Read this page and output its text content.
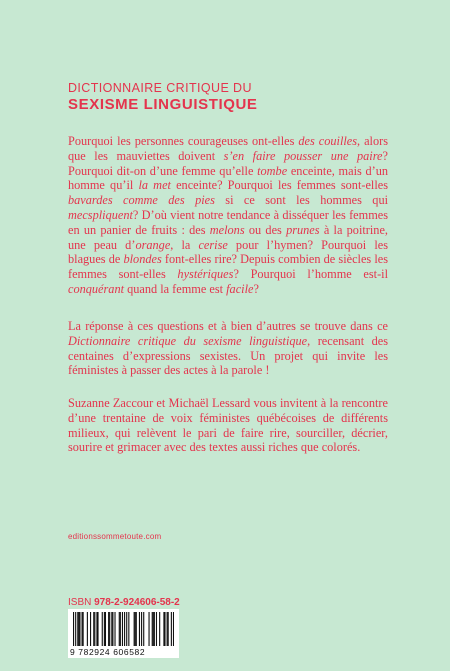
DICTIONNAIRE CRITIQUE DU
SEXISME LINGUISTIQUE

Pourquoi les personnes courageuses ont-elles des couilles, alors que les mauviettes doivent s’en faire pousser une paire? Pourquoi dit-on d’une femme qu’elle tombe enceinte, mais d’un homme qu’il la met enceinte? Pourquoi les femmes sont-elles bavardes comme des pies si ce sont les hommes qui mecspliquent? D’où vient notre tendance à disséquer les femmes en un panier de fruits : des melons ou des prunes à la poitrine, une peau d’orange, la cerise pour l’hymen? Pourquoi les blagues de blondes font-elles rire? Depuis combien de siècles les femmes sont-elles hystériques? Pourquoi l’homme est-il conquérant quand la femme est facile?

La réponse à ces questions et à bien d’autres se trouve dans ce Dictionnaire critique du sexisme linguistique, recensant des centaines d’expressions sexistes. Un projet qui invite les féministes à passer des actes à la parole !

Suzanne Zaccour et Michaël Lessard vous invitent à la rencontre d’une trentaine de voix féministes québécoises de différents milieux, qui relèvent le pari de faire rire, sourciller, décrier, sourire et grimacer avec des textes aussi riches que colorés.

editionssommetoute.com
ISBN 978-2-924606-58-2
9 782924 606582
